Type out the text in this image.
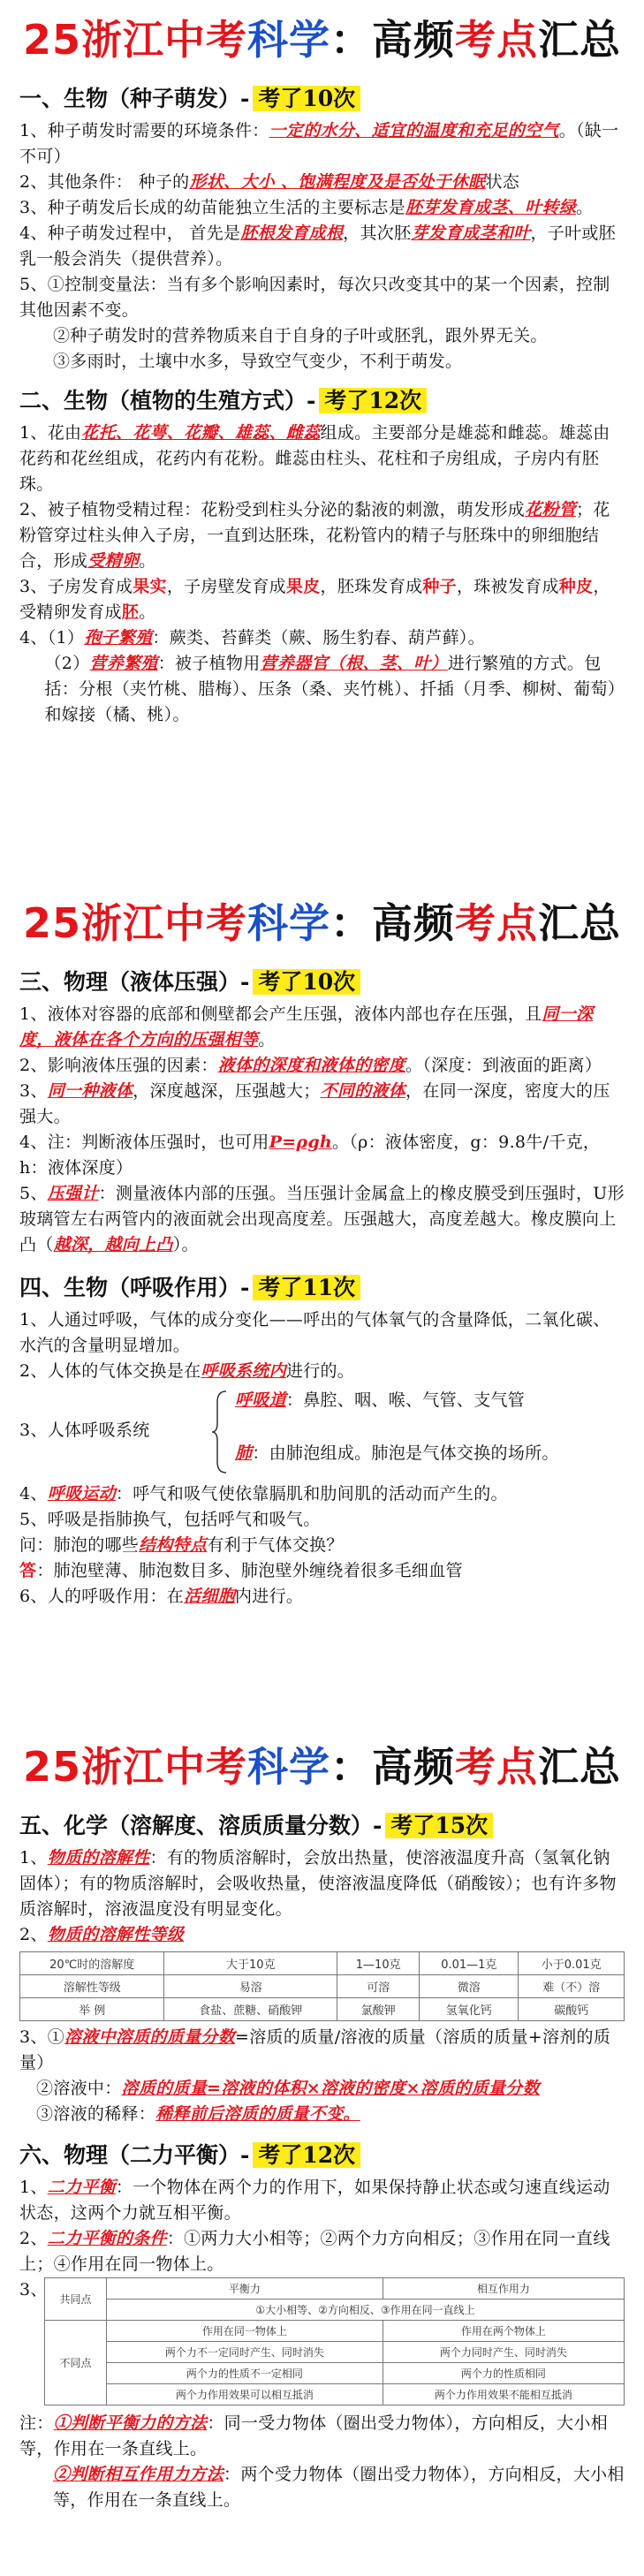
25浙江 中考 科学 ：高频 考点 汇总
一、生物（种子萌发）- 考了10次

1、种子萌发时需要的环境条件：一定的水分、适宜的温度和充足的空气。（缺一不可）

2、其他条件： 种子的形状、大小 、饱满程度及是否处于休眠状态

3、种子萌发后长成的幼苗能独立生活的主要标志是胚芽发育成茎、叶转绿。

4、种子萌发过程中， 首先是胚根发育成根，其次胚芽发育成茎和叶，子叶或胚乳一般会消失（提供营养）。

5、①控制变量法：当有多个影响因素时，每次只改变其中的某一个因素，控制其他因素不变。

②种子萌发时的营养物质来自于自身的子叶或胚乳，跟外界无关。

③多雨时，土壤中水多，导致空气变少，不利于萌发。

二、生物（植物的生殖方式）- 考了12次

1、花由花托、花萼、花瓣、雄蕊、雌蕊组成。主要部分是雄蕊和雌蕊。雄蕊由花药和花丝组成，花药内有花粉。雌蕊由柱头、花柱和子房组成，子房内有胚珠。

2、被子植物受精过程：花粉受到柱头分泌的黏液的刺激，萌发形成花粉管；花粉管穿过柱头伸入子房，一直到达胚珠，花粉管内的精子与胚珠中的卵细胞结合，形成受精卵。

3、子房发育成果实，子房壁发育成果皮，胚珠发育成种子，珠被发育成种皮，受精卵发育成胚。

4、（1）孢子繁殖：蕨类、苔藓类（蕨、肠生豹春、葫芦藓）。

（2）营养繁殖：被子植物用营养器官（根、茎、叶）进行繁殖的方式。包括：分根（夹竹桃、腊梅）、压条（桑、夹竹桃）、扦插（月季、柳树、葡萄）和嫁接（橘、桃）。

25浙江 中考 科学 ：高频 考点 汇总
三、物理（液体压强）- 考了10次

1、液体对容器的底部和侧壁都会产生压强，液体内部也存在压强，且同一深度，液体在各个方向的压强相等。

2、影响液体压强的因素：液体的深度和液体的密度。（深度：到液面的距离）

3、同一种液体，深度越深，压强越大；不同的液体，在同一深度，密度大的压强大。

4、注：判断液体压强时，也可用P=ρgh。（ρ：液体密度，g：9.8牛/千克，h：液体深度）

5、压强计：测量液体内部的压强。当压强计金属盒上的橡皮膜受到压强时，U形玻璃管左右两管内的液面就会出现高度差。压强越大，高度差越大。橡皮膜向上凸（越深，越向上凸）。

四、生物（呼吸作用）- 考了11次

1、人通过呼吸，气体的成分变化——呼出的气体氧气的含量降低，二氧化碳、水汽的含量明显增加。

2、人体的气体交换是在呼吸系统内进行的。

3、人体呼吸系统

呼吸道：鼻腔、咽、喉、气管、支气管

肺：由肺泡组成。肺泡是气体交换的场所。

4、呼吸运动：呼气和吸气使依靠膈肌和肋间肌的活动而产生的。

5、呼吸是指肺换气，包括呼气和吸气。

问：肺泡的哪些结构特点有利于气体交换？

答：肺泡壁薄、肺泡数目多、肺泡壁外缠绕着很多毛细血管

6、人的呼吸作用：在活细胞内进行。

25浙江 中考 科学 ：高频 考点 汇总
五、化学（溶解度、溶质质量分数）- 考了15次

1、物质的溶解性：有的物质溶解时，会放出热量，使溶液温度升高（氢氧化钠固体）；有的物质溶解时，会吸收热量，使溶液温度降低（硝酸铵）；也有许多物质溶解时，溶液温度没有明显变化。

2、物质的溶解性等级

20℃时的溶解度	大于10克	1—10克	0.01—1克	小于0.01克
溶解性等级	易溶	可溶	微溶	难（不）溶
举 例	食盐、蔗糖、硝酸钾	氯酸钾	氢氧化钙	碳酸钙

3、①溶液中溶质的质量分数=溶质的质量/溶液的质量（溶质的质量+溶剂的质量）

②溶液中：溶质的质量=溶液的体积×溶液的密度×溶质的质量分数

③溶液的稀释：稀释前后溶质的质量不变。

六、物理（二力平衡）- 考了12次

1、二力平衡：一个物体在两个力的作用下，如果保持静止状态或匀速直线运动状态，这两个力就互相平衡。

2、二力平衡的条件：①两力大小相等；②两个力方向相反；③作用在同一直线上；④作用在同一物体上。

3、 共同点	平衡力	相互作用力
	①大小相等、②方向相反、③作用在同一直线上	
不同点	作用在同一物体上	作用在两个物体上
	两个力不一定同时产生、同时消失	两个力同时产生、同时消失
	两个力的性质不一定相同	两个力的性质相同
	两个力作用效果可以相互抵消	两个力作用效果不能相互抵消

注：①判断平衡力的方法：同一受力物体（圈出受力物体），方向相反，大小相等，作用在一条直线上。

②判断相互作用力方法：两个受力物体（圈出受力物体），方向相反，大小相等，作用在一条直线上。
